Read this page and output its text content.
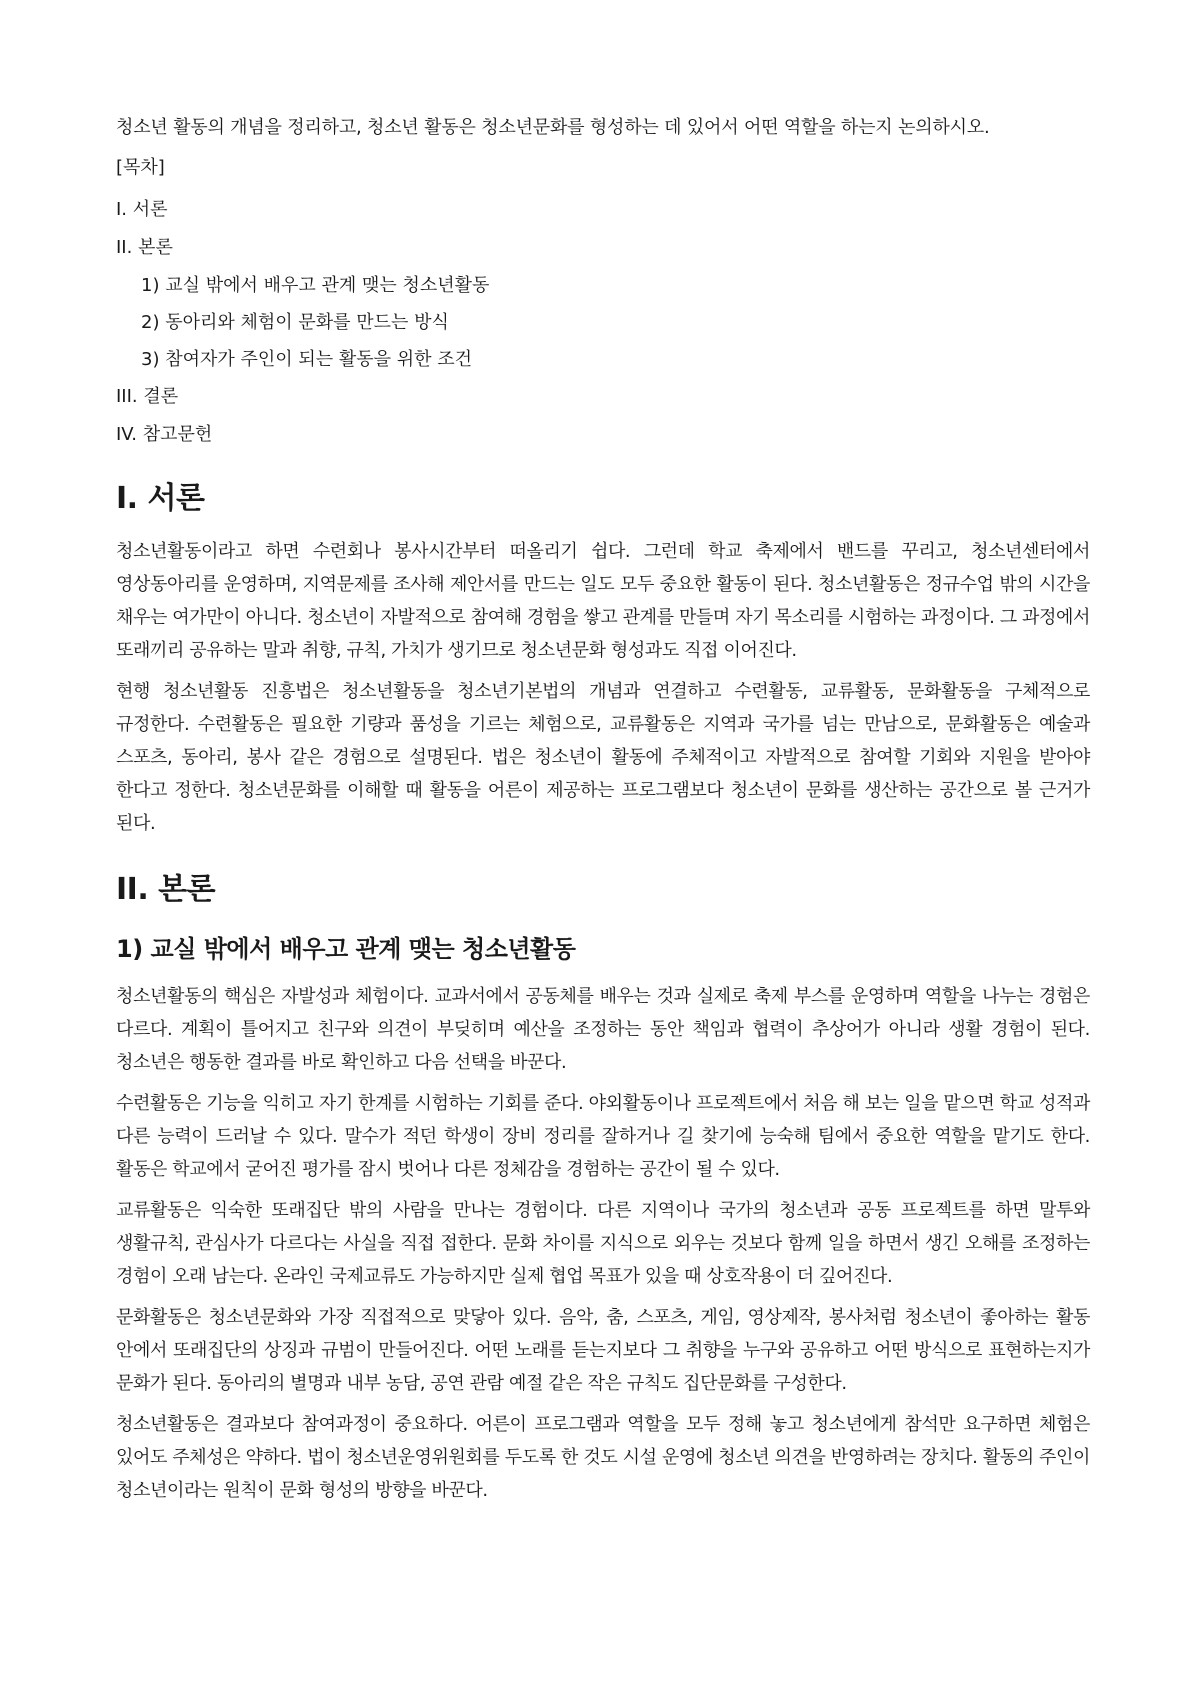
청소년 활동의 개념을 정리하고, 청소년 활동은 청소년문화를 형성하는 데 있어서 어떤 역할을 하는지 논의하시오.

[목차]
I. 서론
II. 본론
1) 교실 밖에서 배우고 관계 맺는 청소년활동
2) 동아리와 체험이 문화를 만드는 방식
3) 참여자가 주인이 되는 활동을 위한 조건
III. 결론
IV. 참고문헌
I. 서론

청소년활동이라고 하면 수련회나 봉사시간부터 떠올리기 쉽다. 그런데 학교 축제에서 밴드를 꾸리고, 청소년센터에서 영상동아리를 운영하며, 지역문제를 조사해 제안서를 만드는 일도 모두 중요한 활동이 된다. 청소년활동은 정규수업 밖의 시간을 채우는 여가만이 아니다. 청소년이 자발적으로 참여해 경험을 쌓고 관계를 만들며 자기 목소리를 시험하는 과정이다. 그 과정에서 또래끼리 공유하는 말과 취향, 규칙, 가치가 생기므로 청소년문화 형성과도 직접 이어진다.

현행 청소년활동 진흥법은 청소년활동을 청소년기본법의 개념과 연결하고 수련활동, 교류활동, 문화활동을 구체적으로 규정한다. 수련활동은 필요한 기량과 품성을 기르는 체험으로, 교류활동은 지역과 국가를 넘는 만남으로, 문화활동은 예술과 스포츠, 동아리, 봉사 같은 경험으로 설명된다. 법은 청소년이 활동에 주체적이고 자발적으로 참여할 기회와 지원을 받아야 한다고 정한다. 청소년문화를 이해할 때 활동을 어른이 제공하는 프로그램보다 청소년이 문화를 생산하는 공간으로 볼 근거가 된다.

II. 본론
1) 교실 밖에서 배우고 관계 맺는 청소년활동

청소년활동의 핵심은 자발성과 체험이다. 교과서에서 공동체를 배우는 것과 실제로 축제 부스를 운영하며 역할을 나누는 경험은 다르다. 계획이 틀어지고 친구와 의견이 부딪히며 예산을 조정하는 동안 책임과 협력이 추상어가 아니라 생활 경험이 된다. 청소년은 행동한 결과를 바로 확인하고 다음 선택을 바꾼다.

수련활동은 기능을 익히고 자기 한계를 시험하는 기회를 준다. 야외활동이나 프로젝트에서 처음 해 보는 일을 맡으면 학교 성적과 다른 능력이 드러날 수 있다. 말수가 적던 학생이 장비 정리를 잘하거나 길 찾기에 능숙해 팀에서 중요한 역할을 맡기도 한다. 활동은 학교에서 굳어진 평가를 잠시 벗어나 다른 정체감을 경험하는 공간이 될 수 있다.

교류활동은 익숙한 또래집단 밖의 사람을 만나는 경험이다. 다른 지역이나 국가의 청소년과 공동 프로젝트를 하면 말투와 생활규칙, 관심사가 다르다는 사실을 직접 접한다. 문화 차이를 지식으로 외우는 것보다 함께 일을 하면서 생긴 오해를 조정하는 경험이 오래 남는다. 온라인 국제교류도 가능하지만 실제 협업 목표가 있을 때 상호작용이 더 깊어진다.

문화활동은 청소년문화와 가장 직접적으로 맞닿아 있다. 음악, 춤, 스포츠, 게임, 영상제작, 봉사처럼 청소년이 좋아하는 활동 안에서 또래집단의 상징과 규범이 만들어진다. 어떤 노래를 듣는지보다 그 취향을 누구와 공유하고 어떤 방식으로 표현하는지가 문화가 된다. 동아리의 별명과 내부 농담, 공연 관람 예절 같은 작은 규칙도 집단문화를 구성한다.

청소년활동은 결과보다 참여과정이 중요하다. 어른이 프로그램과 역할을 모두 정해 놓고 청소년에게 참석만 요구하면 체험은 있어도 주체성은 약하다. 법이 청소년운영위원회를 두도록 한 것도 시설 운영에 청소년 의견을 반영하려는 장치다. 활동의 주인이 청소년이라는 원칙이 문화 형성의 방향을 바꾼다.
